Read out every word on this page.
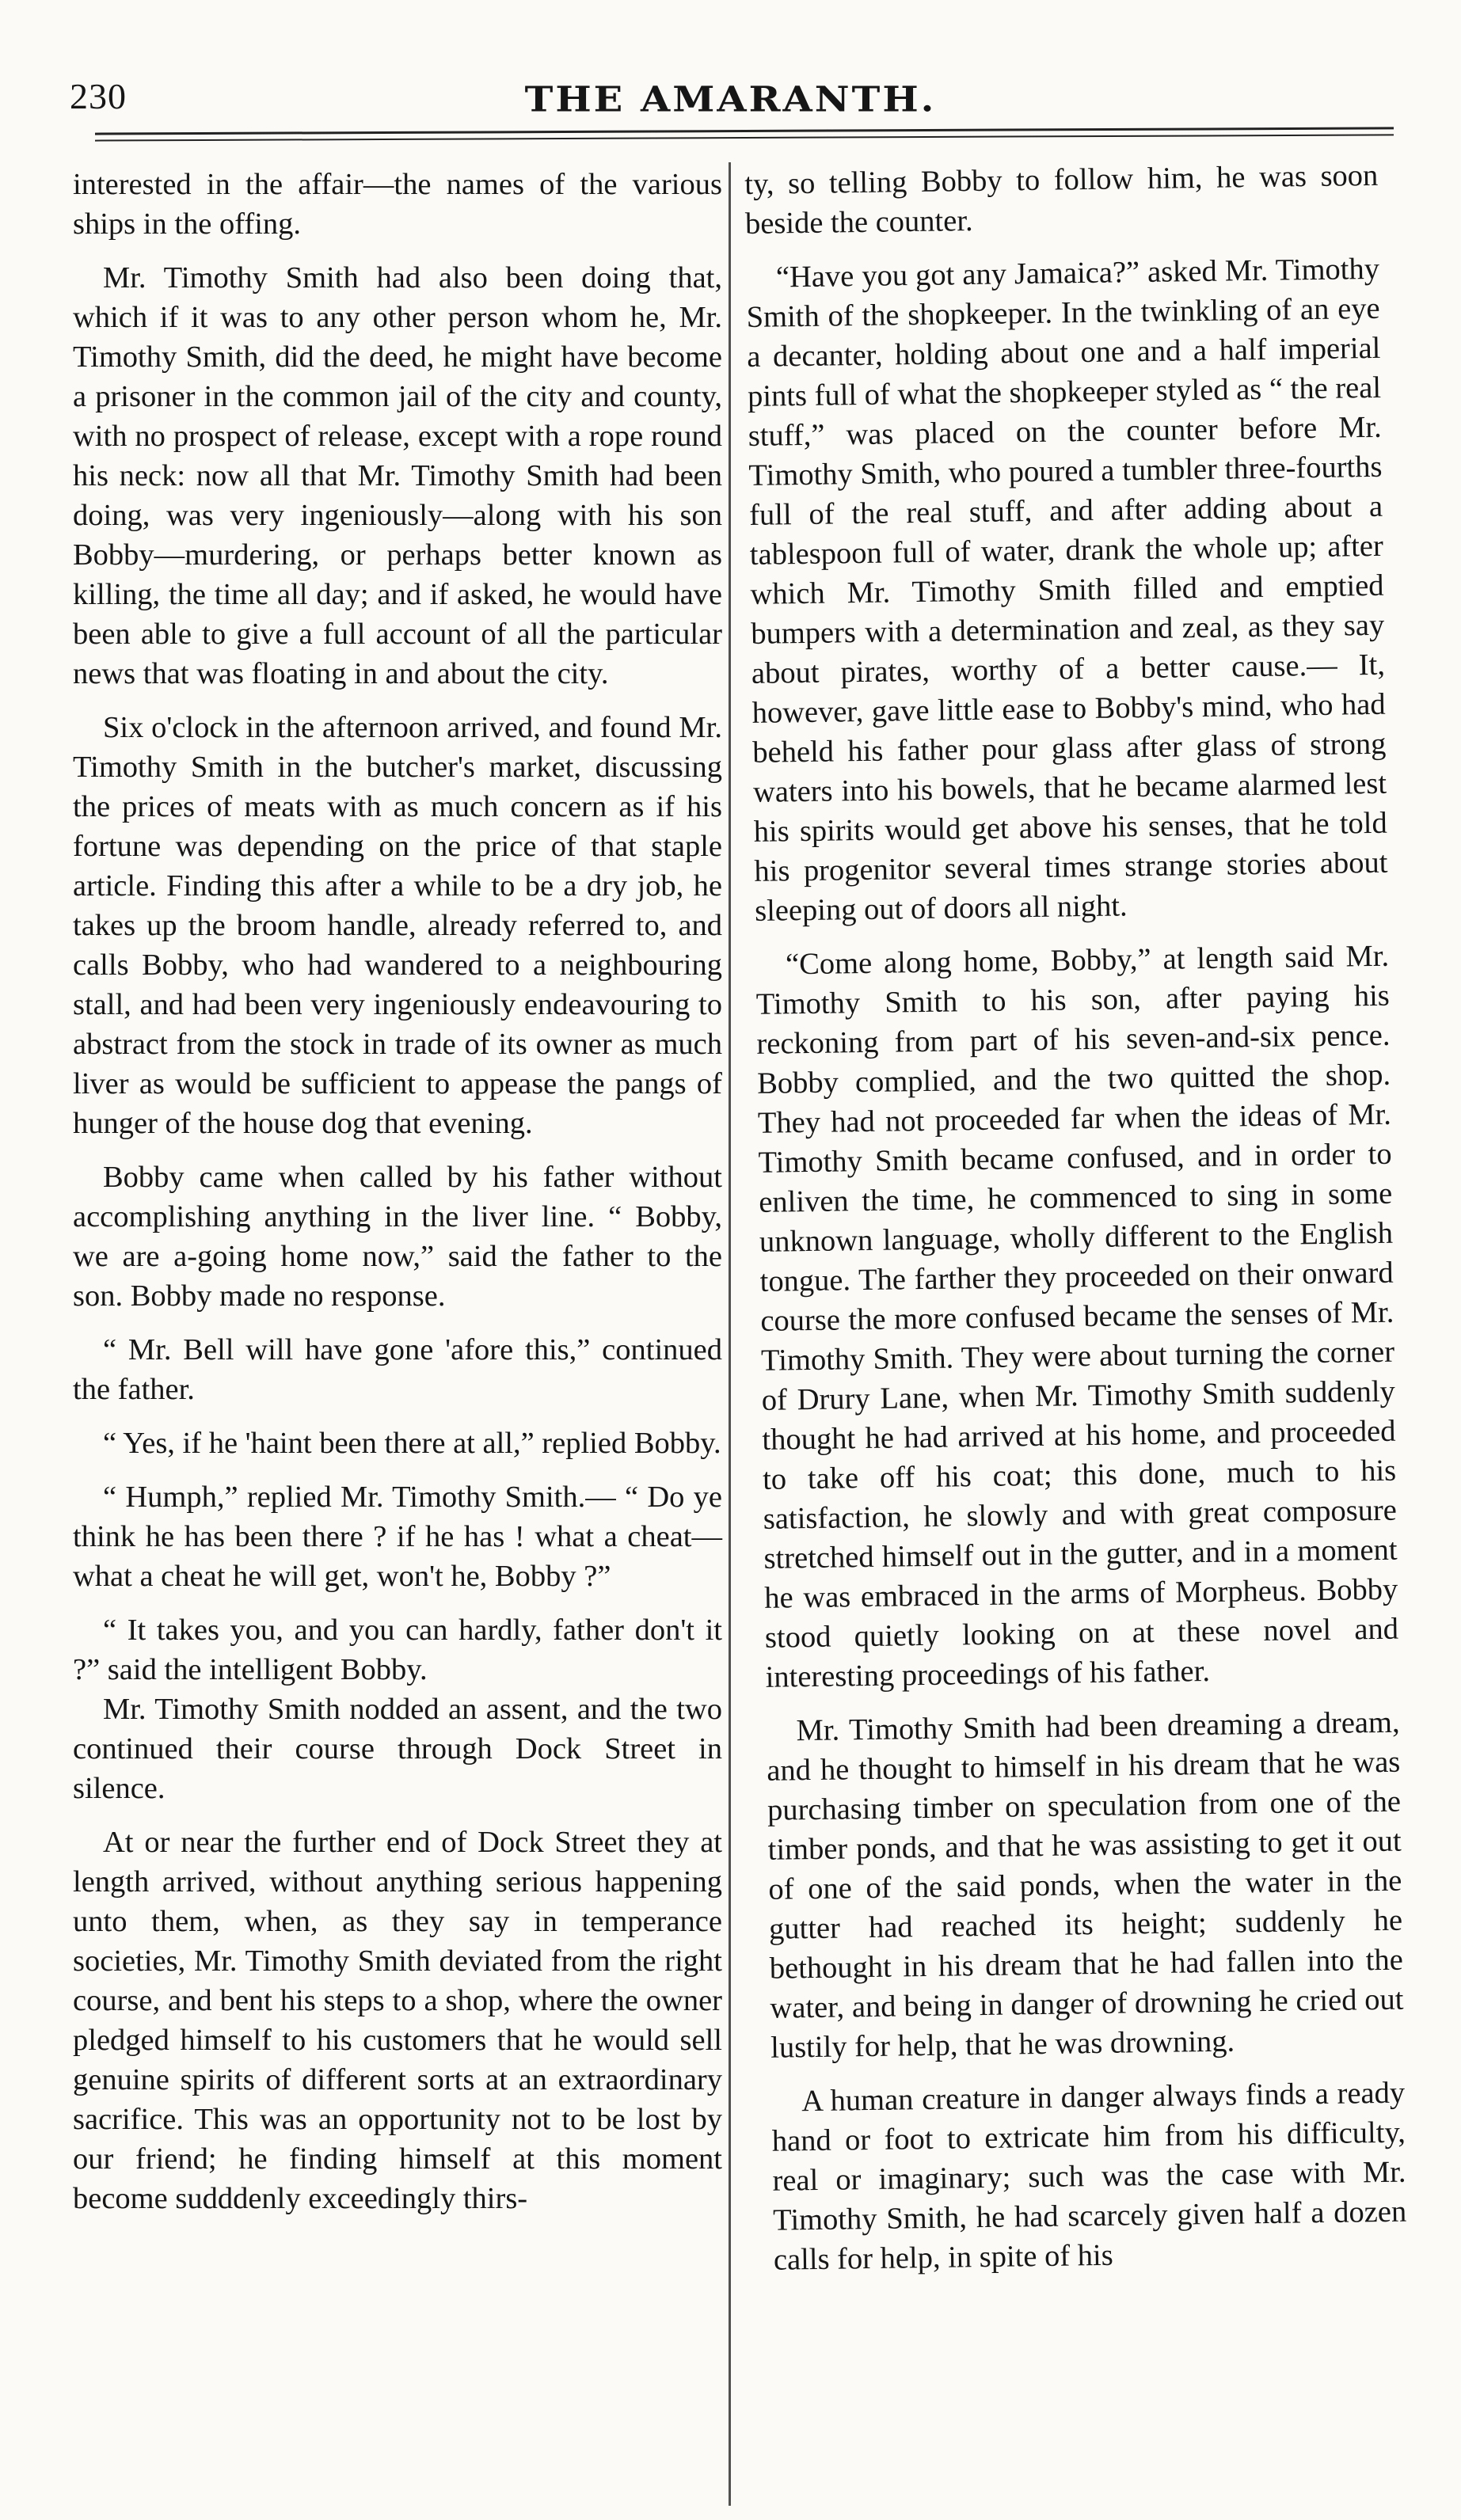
230	THE AMARANTH.

interested in the affair—the names of the various ships in the offing.

Mr. Timothy Smith had also been doing that, which if it was to any other person whom he, Mr. Timothy Smith, did the deed, he might have become a prisoner in the common jail of the city and county, with no prospect of release, except with a rope round his neck: now all that Mr. Timothy Smith had been doing, was very ingeniously—along with his son Bobby—murdering, or perhaps better known as killing, the time all day; and if asked, he would have been able to give a full account of all the particular news that was floating in and about the city.

Six o'clock in the afternoon arrived, and found Mr. Timothy Smith in the butcher's market, discussing the prices of meats with as much concern as if his fortune was depending on the price of that staple article. Finding this after a while to be a dry job, he takes up the broom handle, already referred to, and calls Bobby, who had wandered to a neighbouring stall, and had been very ingeniously endeavouring to abstract from the stock in trade of its owner as much liver as would be sufficient to appease the pangs of hunger of the house dog that evening.

Bobby came when called by his father without accomplishing anything in the liver line. “ Bobby, we are a-going home now,” said the father to the son. Bobby made no response.

“ Mr. Bell will have gone 'afore this,” continued the father.

“ Yes, if he 'haint been there at all,” replied Bobby.

“ Humph,” replied Mr. Timothy Smith.— “ Do ye think he has been there ? if he has ! what a cheat—what a cheat he will get, won't he, Bobby ?”

“ It takes you, and you can hardly, father don't it ?” said the intelligent Bobby.

Mr. Timothy Smith nodded an assent, and the two continued their course through Dock Street in silence.

At or near the further end of Dock Street they at length arrived, without anything serious happening unto them, when, as they say in temperance societies, Mr. Timothy Smith deviated from the right course, and bent his steps to a shop, where the owner pledged himself to his customers that he would sell genuine spirits of different sorts at an extraordinary sacrifice. This was an opportunity not to be lost by our friend; he finding himself at this moment become sudddenly exceedingly thirs-

ty, so telling Bobby to follow him, he was soon beside the counter.

“Have you got any Jamaica?” asked Mr. Timothy Smith of the shopkeeper. In the twinkling of an eye a decanter, holding about one and a half imperial pints full of what the shopkeeper styled as “ the real stuff,” was placed on the counter before Mr. Timothy Smith, who poured a tumbler three-fourths full of the real stuff, and after adding about a tablespoon full of water, drank the whole up; after which Mr. Timothy Smith filled and emptied bumpers with a determination and zeal, as they say about pirates, worthy of a better cause.— It, however, gave little ease to Bobby's mind, who had beheld his father pour glass after glass of strong waters into his bowels, that he became alarmed lest his spirits would get above his senses, that he told his progenitor several times strange stories about sleeping out of doors all night.

“Come along home, Bobby,” at length said Mr. Timothy Smith to his son, after paying his reckoning from part of his seven-and-six pence. Bobby complied, and the two quitted the shop. They had not proceeded far when the ideas of Mr. Timothy Smith became confused, and in order to enliven the time, he commenced to sing in some unknown language, wholly different to the English tongue. The farther they proceeded on their onward course the more confused became the senses of Mr. Timothy Smith. They were about turning the corner of Drury Lane, when Mr. Timothy Smith suddenly thought he had arrived at his home, and proceeded to take off his coat; this done, much to his satisfaction, he slowly and with great composure stretched himself out in the gutter, and in a moment he was embraced in the arms of Morpheus. Bobby stood quietly looking on at these novel and interesting proceedings of his father.

Mr. Timothy Smith had been dreaming a dream, and he thought to himself in his dream that he was purchasing timber on speculation from one of the timber ponds, and that he was assisting to get it out of one of the said ponds, when the water in the gutter had reached its height; suddenly he bethought in his dream that he had fallen into the water, and being in danger of drowning he cried out lustily for help, that he was drowning.

A human creature in danger always finds a ready hand or foot to extricate him from his difficulty, real or imaginary; such was the case with Mr. Timothy Smith, he had scarcely given half a dozen calls for help, in spite of his
